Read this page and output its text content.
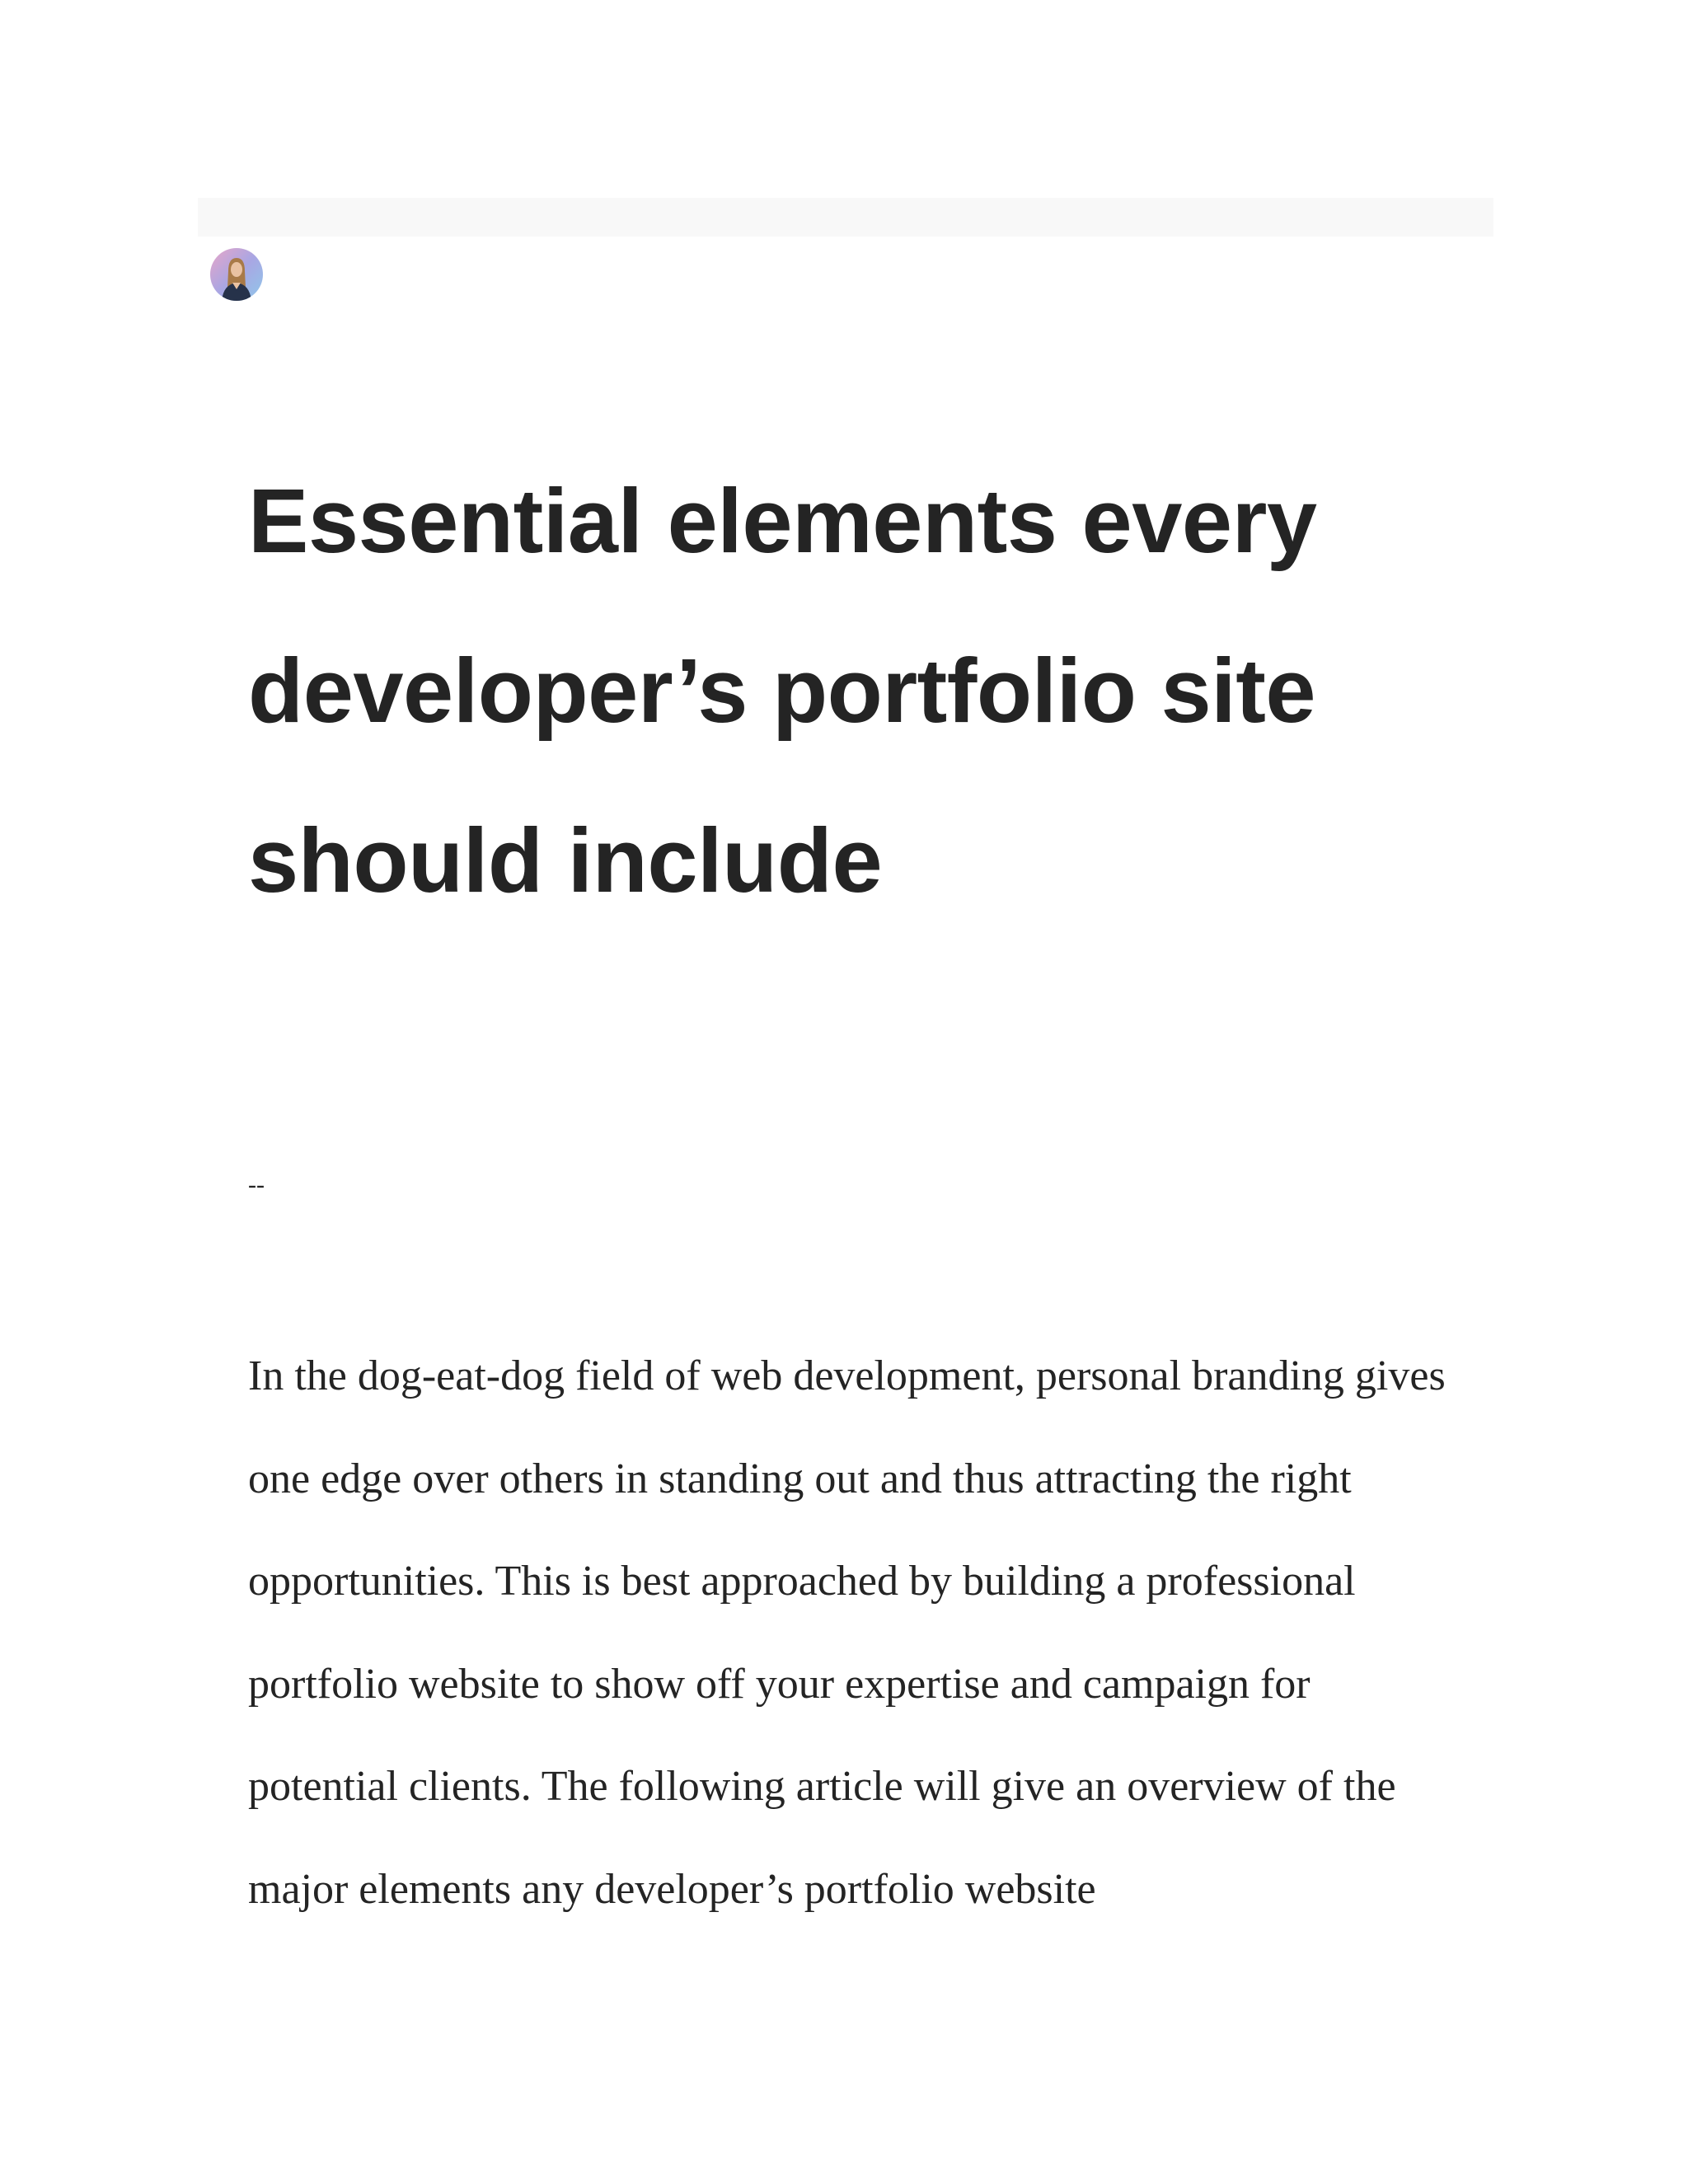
Essential elements every developer’s portfolio site should include

--

In the dog-eat-dog field of web development, personal branding gives one edge over others in standing out and thus attracting the right opportunities. This is best approached by building a professional portfolio website to show off your expertise and campaign for potential clients. The following article will give an overview of the major elements any developer’s portfolio website
